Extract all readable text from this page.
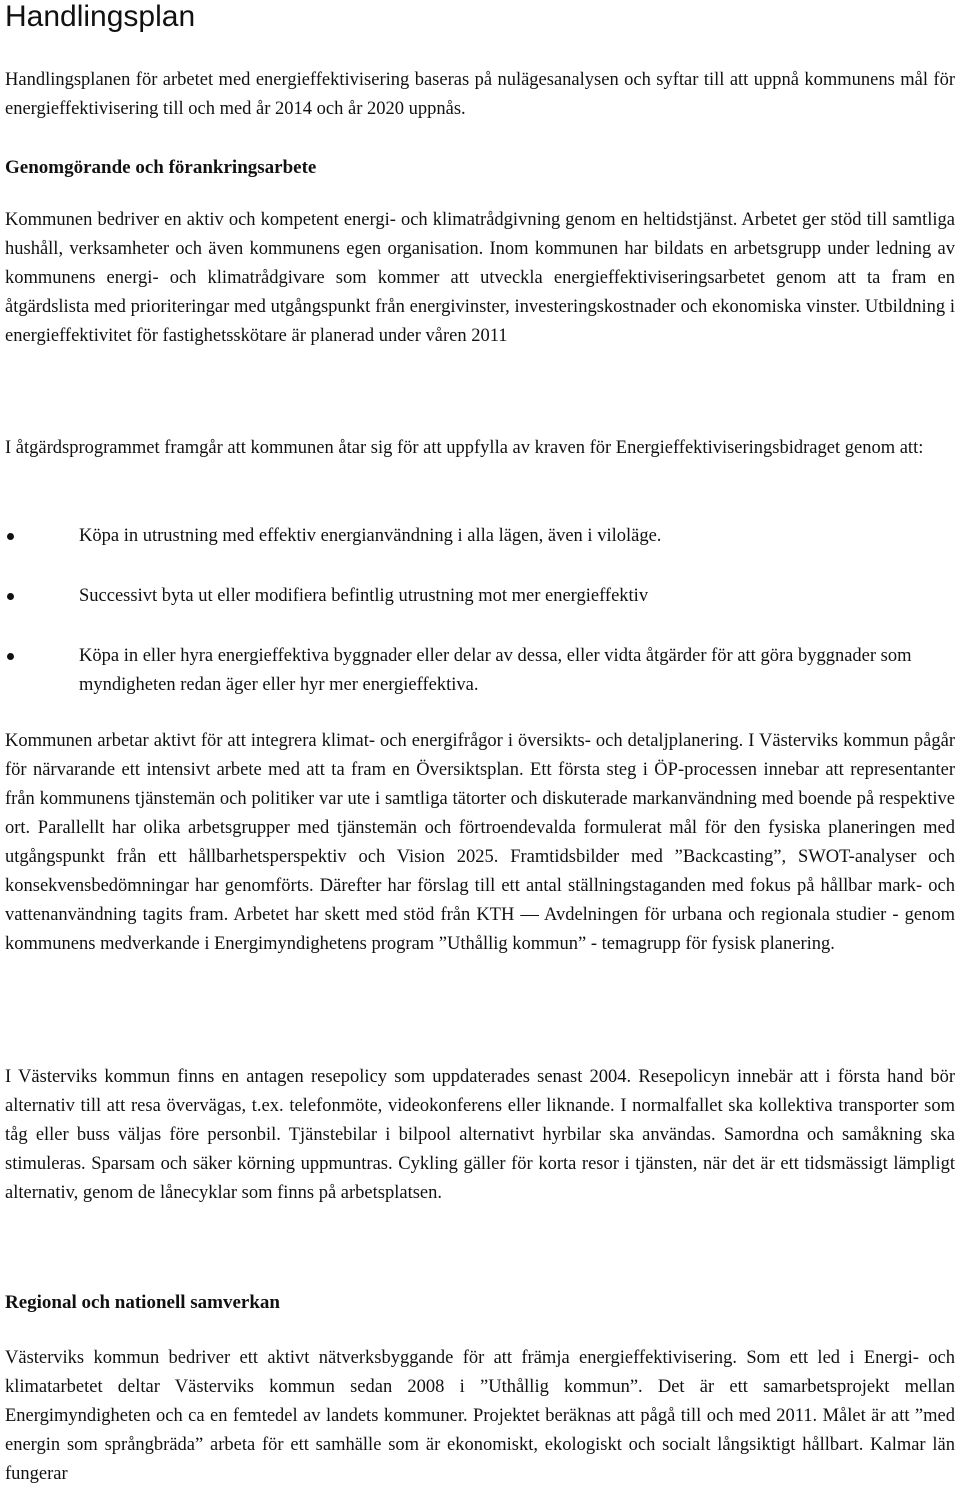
Handlingsplan

Handlingsplanen för arbetet med energieffektivisering baseras på nulägesanalysen och syftar till att uppnå kommunens mål för energieffektivisering till och med år 2014 och år 2020 uppnås.

Genomgörande och förankringsarbete

Kommunen bedriver en aktiv och kompetent energi- och klimatrådgivning genom en heltidstjänst. Arbetet ger stöd till samtliga hushåll, verksamheter och även kommunens egen organisation. Inom kommunen har bildats en arbetsgrupp under ledning av kommunens energi- och klimatrådgivare som kommer att utveckla energieffektiviseringsarbetet genom att ta fram en åtgärdslista med prioriteringar med utgångspunkt från energivinster, investeringskostnader och ekonomiska vinster. Utbildning i energieffektivitet för fastighetsskötare är planerad under våren 2011

I åtgärdsprogrammet framgår att kommunen åtar sig för att uppfylla av kraven för Energieffektiviseringsbidraget genom att:

Köpa in utrustning med effektiv energianvändning i alla lägen, även i viloläge.
Successivt byta ut eller modifiera befintlig utrustning mot mer energieffektiv
Köpa in eller hyra energieffektiva byggnader eller delar av dessa, eller vidta åtgärder för att göra byggnader som myndigheten redan äger eller hyr mer energieffektiva.

Kommunen arbetar aktivt för att integrera klimat- och energifrågor i översikts- och detaljplanering. I Västerviks kommun pågår för närvarande ett intensivt arbete med att ta fram en Översiktsplan. Ett första steg i ÖP-processen innebar att representanter från kommunens tjänstemän och politiker var ute i samtliga tätorter och diskuterade markanvändning med boende på respektive ort. Parallellt har olika arbetsgrupper med tjänstemän och förtroendevalda formulerat mål för den fysiska planeringen med utgångspunkt från ett hållbarhetsperspektiv och Vision 2025. Framtidsbilder med ”Backcasting”, SWOT-analyser och konsekvensbedömningar har genomförts. Därefter har förslag till ett antal ställningstaganden med fokus på hållbar mark- och vattenanvändning tagits fram. Arbetet har skett med stöd från KTH — Avdelningen för urbana och regionala studier - genom kommunens medverkande i Energimyndighetens program ”Uthållig kommun” - temagrupp för fysisk planering.

I Västerviks kommun finns en antagen resepolicy som uppdaterades senast 2004. Resepolicyn innebär att i första hand bör alternativ till att resa övervägas, t.ex. telefonmöte, videokonferens eller liknande. I normalfallet ska kollektiva transporter som tåg eller buss väljas före personbil. Tjänstebilar i bilpool alternativt hyrbilar ska användas. Samordna och samåkning ska stimuleras. Sparsam och säker körning uppmuntras. Cykling gäller för korta resor i tjänsten, när det är ett tidsmässigt lämpligt alternativ, genom de lånecyklar som finns på arbetsplatsen.

Regional och nationell samverkan

Västerviks kommun bedriver ett aktivt nätverksbyggande för att främja energieffektivisering. Som ett led i Energi- och klimatarbetet deltar Västerviks kommun sedan 2008 i ”Uthållig kommun”. Det är ett samarbetsprojekt mellan Energimyndigheten och ca en femtedel av landets kommuner. Projektet beräknas att pågå till och med 2011. Målet är att ”med energin som språngbräda” arbeta för ett samhälle som är ekonomiskt, ekologiskt och socialt långsiktigt hållbart. Kalmar län fungerar
